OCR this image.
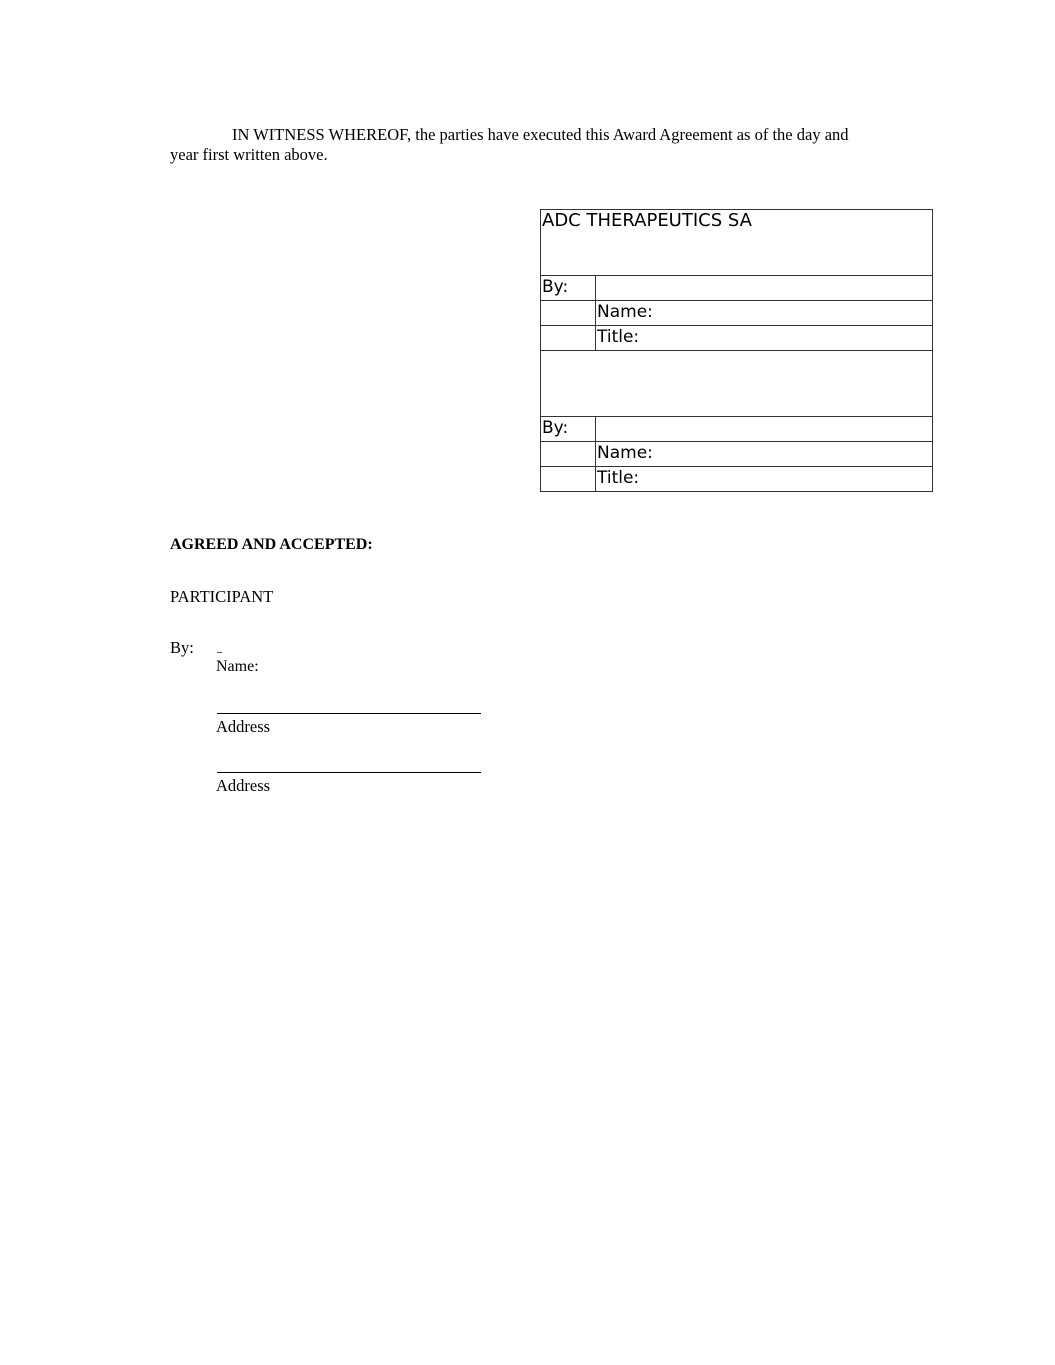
IN WITNESS WHEREOF, the parties have executed this Award Agreement as of the day and
year first written above.

ADC THERAPEUTICS SA	
By:	
	Name:
	Title:

By:	
	Name:
	Title:

AGREED AND ACCEPTED:

PARTICIPANT

By:
Name:
Address
Address
